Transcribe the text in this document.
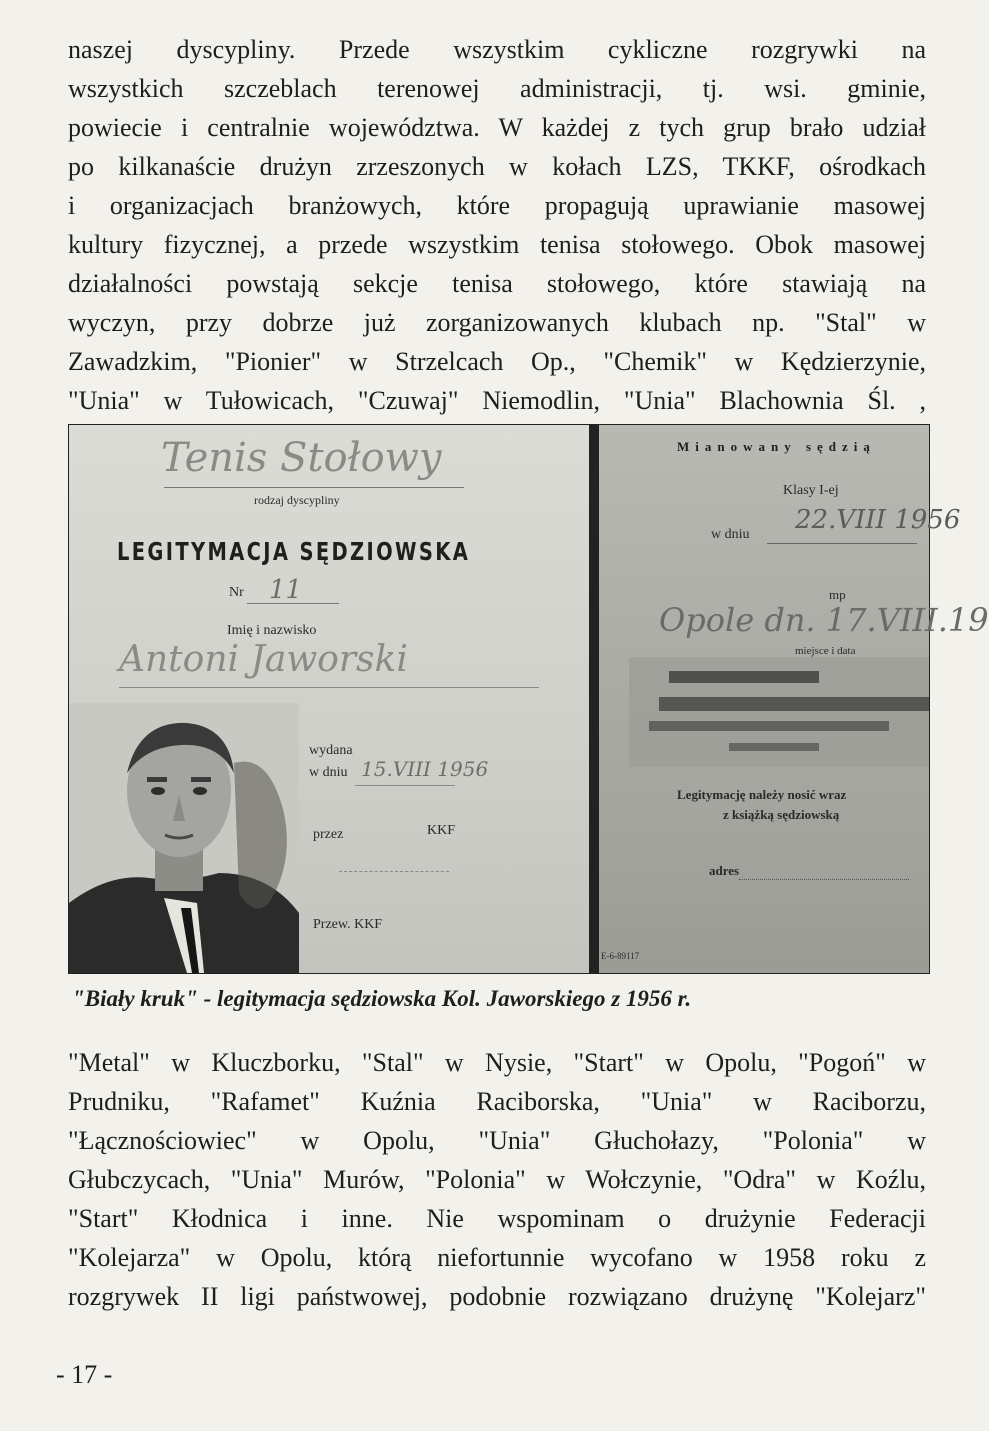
naszej dyscypliny. Przede wszystkim cykliczne rozgrywki na
wszystkich szczeblach terenowej administracji, tj. wsi. gminie,
powiecie i centralnie województwa. W każdej z tych grup brało udział
po kilkanaście drużyn zrzeszonych w kołach LZS, TKKF, ośrodkach
i organizacjach branżowych, które propagują uprawianie masowej
kultury fizycznej, a przede wszystkim tenisa stołowego. Obok masowej
działalności powstają sekcje tenisa stołowego, które stawiają na
wyczyn, przy dobrze już zorganizowanych klubach np. "Stal" w
Zawadzkim, "Pionier" w Strzelcach Op., "Chemik" w Kędzierzynie,
"Unia" w Tułowicach, "Czuwaj" Niemodlin, "Unia" Blachownia Śl. ,
Tenis Stołowy
rodzaj dyscypliny
LEGITYMACJA SĘDZIOWSKA
Nr 11
Imię i nazwisko
Antoni Jaworski
wydana
w dniu 15.VIII 1956
przez	KKF
Przew. KKF
Mianowany sędzią
Klasy I-ej
w dniu 22.VIII 1956
mp
Opole dn. 17.VIII.19
miejsce i data
Legitymację należy nosić wraz
z książką sędziowską
adres
E-6-89117

"Biały kruk" - legitymacja sędziowska Kol. Jaworskiego z 1956 r.

"Metal" w Kluczborku, "Stal" w Nysie, "Start" w Opolu, "Pogoń" w
Prudniku, "Rafamet" Kuźnia Raciborska, "Unia" w Raciborzu,
"Łącznościowiec" w Opolu, "Unia" Głuchołazy, "Polonia" w
Głubczycach, "Unia" Murów, "Polonia" w Wołczynie, "Odra" w Koźlu,
"Start" Kłodnica i inne. Nie wspominam o drużynie Federacji
"Kolejarza" w Opolu, którą niefortunnie wycofano w 1958 roku z
rozgrywek II ligi państwowej, podobnie rozwiązano drużynę "Kolejarz"

- 17 -
